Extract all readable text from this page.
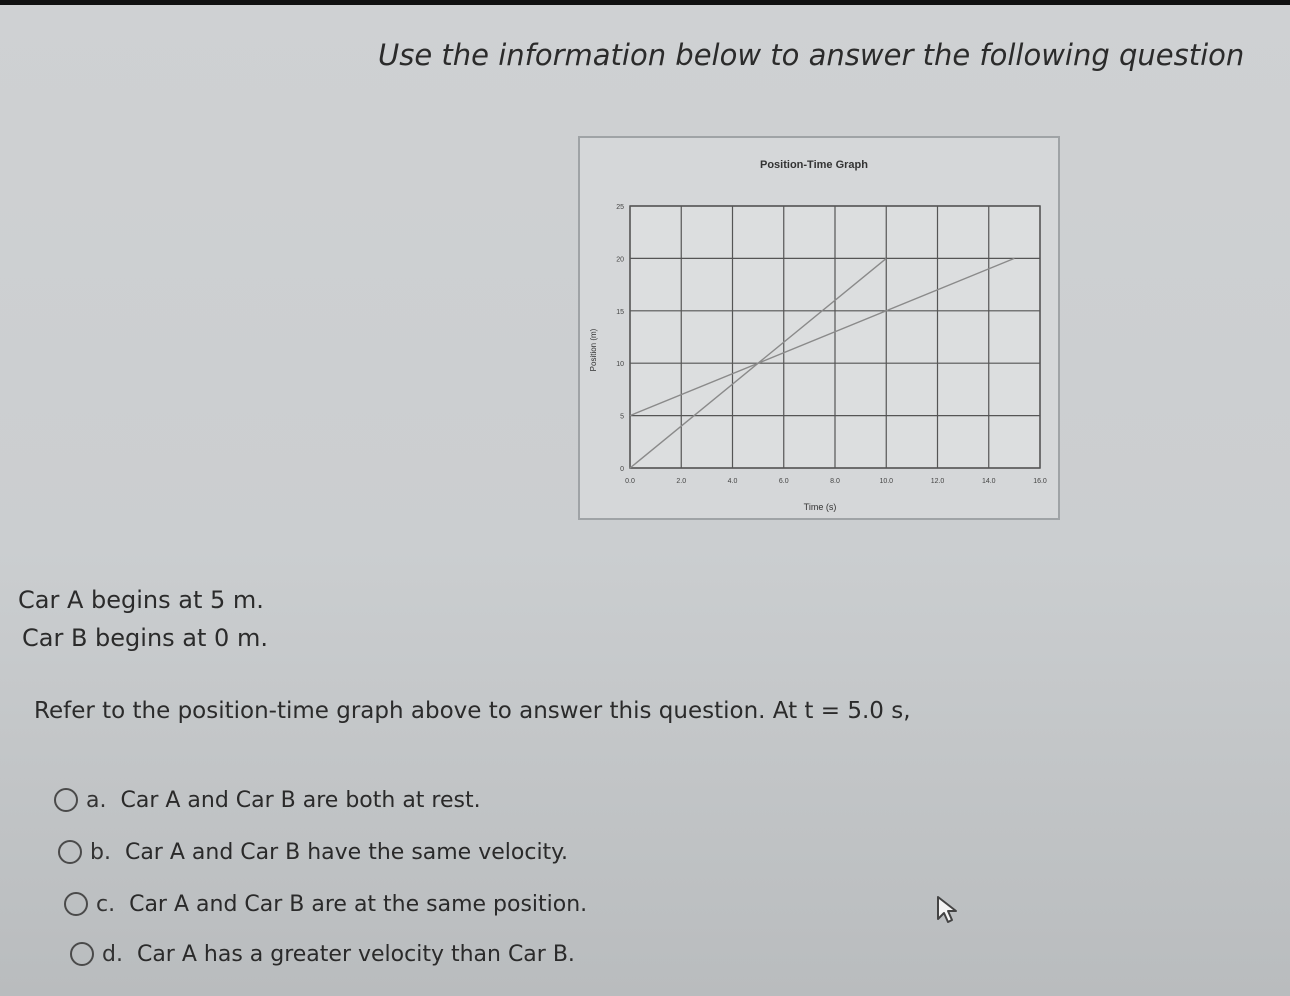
Use the information below to answer the following question
Position-Time Graph
0
5
10
15
20
25
0.0	2.0	4.0	6.0	8.0	10.0	12.0	14.0	16.0
Time (s)
Position (m)
Car A begins at 5 m.
Car B begins at 0 m.
Refer to the position-time graph above to answer this question. At t = 5.0 s,
a. Car A and Car B are both at rest.
b. Car A and Car B have the same velocity.
c. Car A and Car B are at the same position.
d. Car A has a greater velocity than Car B.
